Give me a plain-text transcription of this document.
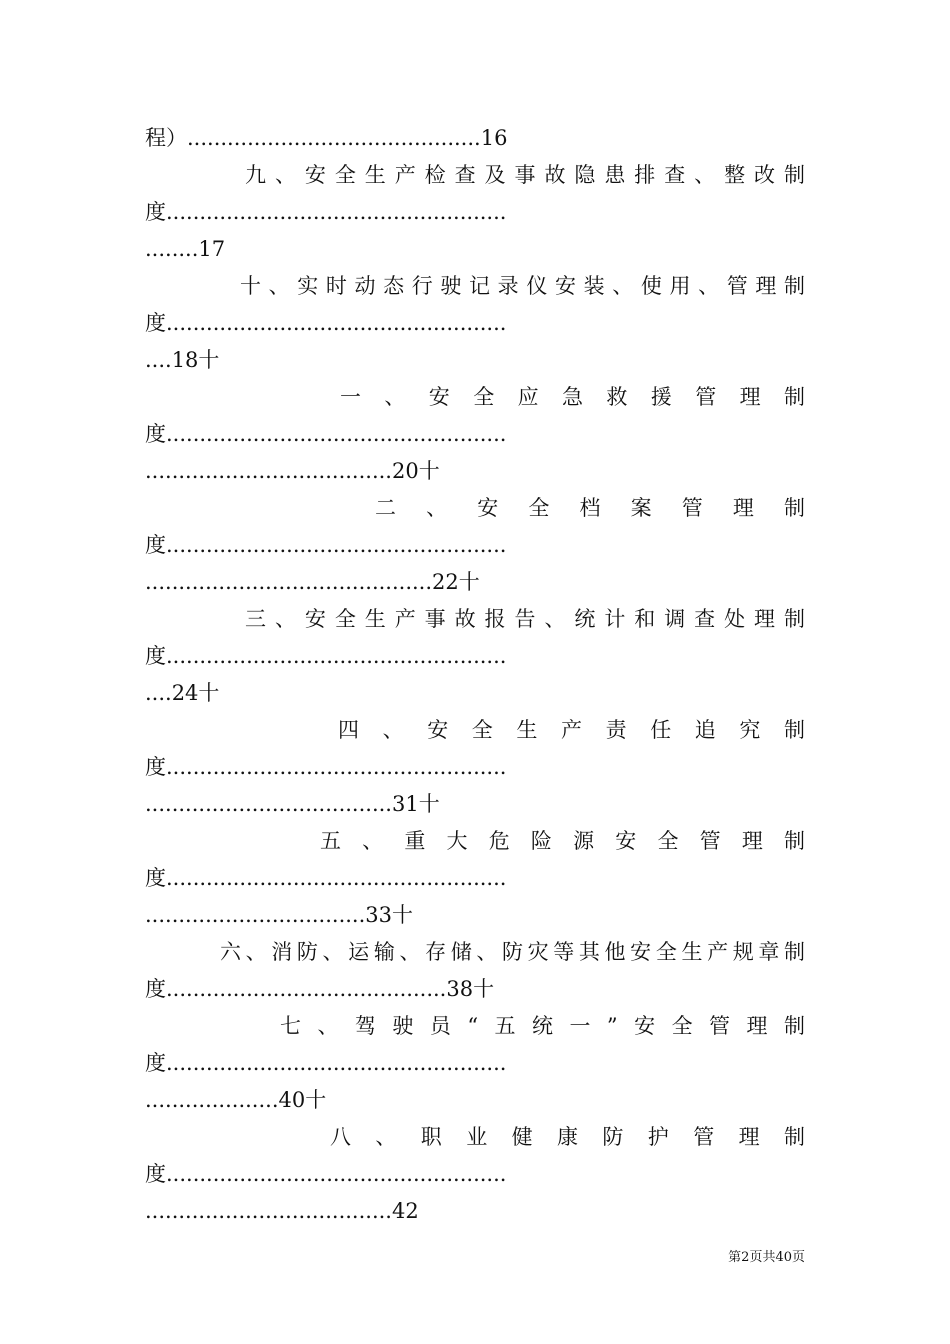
程）............................................16
九、安全生产检查及事故隐患排查、整改制
度...................................................
........17
十、实时动态行驶记录仪安装、使用、管理制
度...................................................
....18十
一、安全应急救援管理制
度...................................................
.....................................20十
二、安全档案管理制
度...................................................
...........................................22十
三、安全生产事故报告、统计和调查处理制
度...................................................
....24十
四、安全生产责任追究制
度...................................................
.....................................31十
五、重大危险源安全管理制
度...................................................
.................................33十
六、消防、运输、存储、防灾等其他安全生产规章制
度..........................................38十
七、驾驶员“五统一”安全管理制
度...................................................
....................40十
八、职业健康防护管理制
度...................................................
.....................................42
第2页共40页
